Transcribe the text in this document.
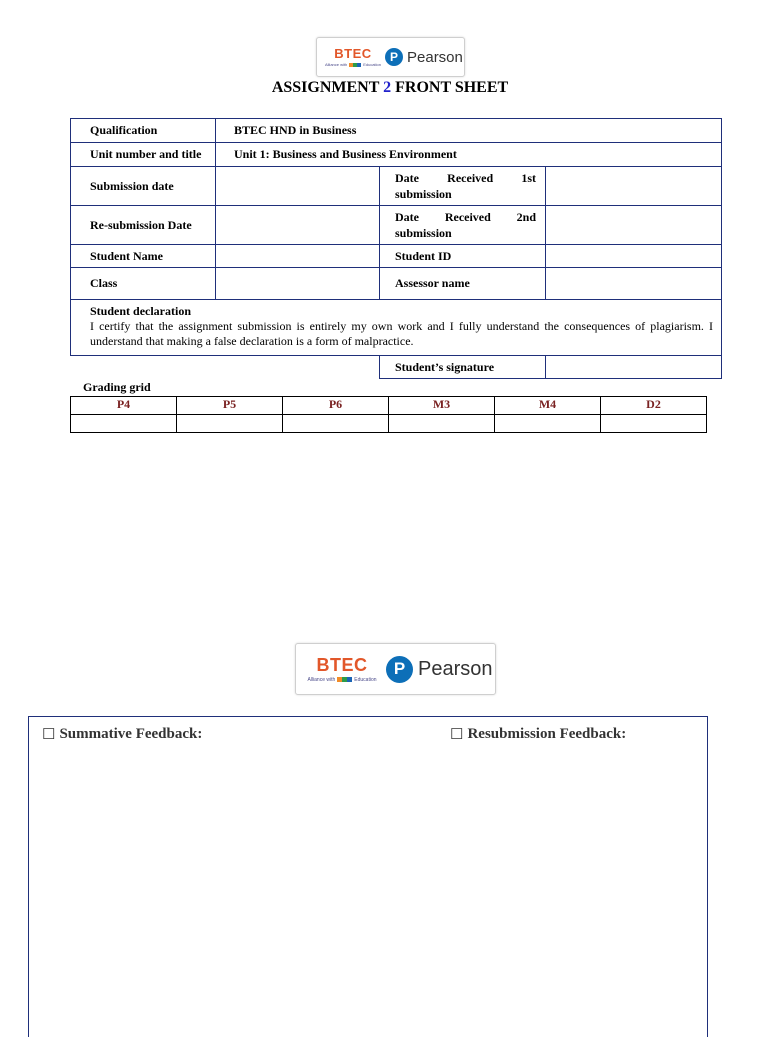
BTEC
Alliance with	Education
P Pearson
ASSIGNMENT 2 FRONT SHEET
Qualification	BTEC HND in Business		
Unit number and title	Unit 1: Business and Business Environment		
Submission date		Date Received 1st submission	
Re-submission Date		Date Received 2nd submission	
Student Name		Student ID	
Class		Assessor name	

Student declaration
I certify that the assignment submission is entirely my own work and I fully understand the consequences of plagiarism. I understand that making a false declaration is a form of malpractice.			

		Student’s signature	
Grading grid
P4	P5	P6	M3	M4	D2

BTEC
Alliance with	Education
P Pearson
☐ Summative Feedback:	☐ Resubmission Feedback:
